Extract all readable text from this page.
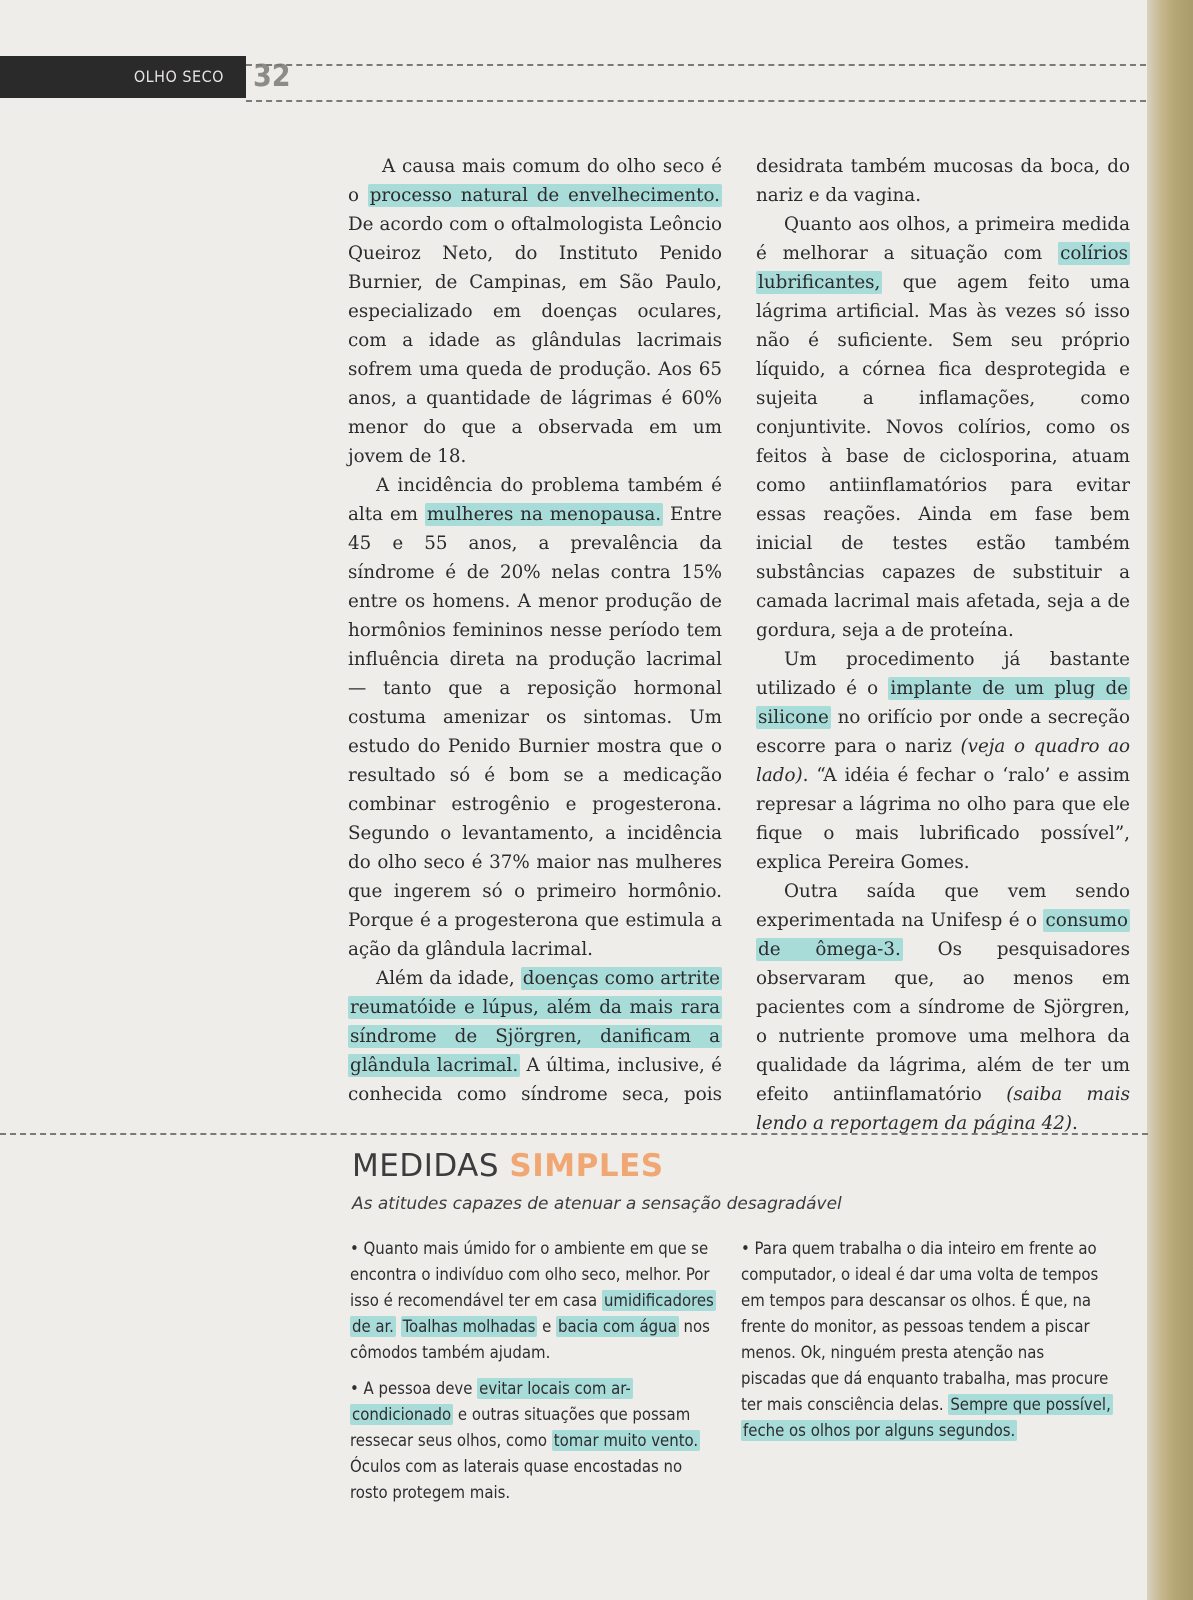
OLHO SECO 32

A causa mais comum do olho seco é o processo natural de envelhecimento. De acordo com o oftalmologista Leôncio Queiroz Neto, do Instituto Penido Burnier, de Campinas, em São Paulo, especializado em doenças oculares, com a idade as glândulas lacrimais sofrem uma queda de produção. Aos 65 anos, a quantidade de lágrimas é 60% menor do que a observada em um jovem de 18.

A incidência do problema também é alta em mulheres na menopausa. Entre 45 e 55 anos, a prevalência da síndrome é de 20% nelas contra 15% entre os homens. A menor produção de hormônios femininos nesse período tem influência direta na produção lacrimal — tanto que a reposição hormonal costuma amenizar os sintomas. Um estudo do Penido Burnier mostra que o resultado só é bom se a medicação combinar estrogênio e progesterona. Segundo o levantamento, a incidência do olho seco é 37% maior nas mulheres que ingerem só o primeiro hormônio. Porque é a progesterona que estimula a ação da glândula lacrimal.

Além da idade, doenças como artrite reumatóide e lúpus, além da mais rara síndrome de Sjörgren, danificam a glândula lacrimal. A última, inclusive, é conhecida como síndrome seca, pois desidrata também mucosas da boca, do nariz e da vagina.

Quanto aos olhos, a primeira medida é melhorar a situação com colírios lubrificantes, que agem feito uma lágrima artificial. Mas às vezes só isso não é suficiente. Sem seu próprio líquido, a córnea fica desprotegida e sujeita a inflamações, como conjuntivite. Novos colírios, como os feitos à base de ciclosporina, atuam como antiinflamatórios para evitar essas reações. Ainda em fase bem inicial de testes estão também substâncias capazes de substituir a camada lacrimal mais afetada, seja a de gordura, seja a de proteína.

Um procedimento já bastante utilizado é o implante de um plug de silicone no orifício por onde a secreção escorre para o nariz (veja o quadro ao lado). “A idéia é fechar o ‘ralo’ e assim represar a lágrima no olho para que ele fique o mais lubrificado possível”, explica Pereira Gomes.

Outra saída que vem sendo experimentada na Unifesp é o consumo de ômega-3. Os pesquisadores observaram que, ao menos em pacientes com a síndrome de Sjörgren, o nutriente promove uma melhora da qualidade da lágrima, além de ter um efeito antiinflamatório (saiba mais lendo a reportagem da página 42).

MEDIDAS SIMPLES

As atitudes capazes de atenuar a sensação desagradável

• Quanto mais úmido for o ambiente em que se encontra o indivíduo com olho seco, melhor. Por isso é recomendável ter em casa umidificadores de ar. Toalhas molhadas e bacia com água nos cômodos também ajudam.

• A pessoa deve evitar locais com ar-condicionado e outras situações que possam ressecar seus olhos, como tomar muito vento. Óculos com as laterais quase encostadas no rosto protegem mais.

• Para quem trabalha o dia inteiro em frente ao computador, o ideal é dar uma volta de tempos em tempos para descansar os olhos. É que, na frente do monitor, as pessoas tendem a piscar menos. Ok, ninguém presta atenção nas piscadas que dá enquanto trabalha, mas procure ter mais consciência delas. Sempre que possível, feche os olhos por alguns segundos.
